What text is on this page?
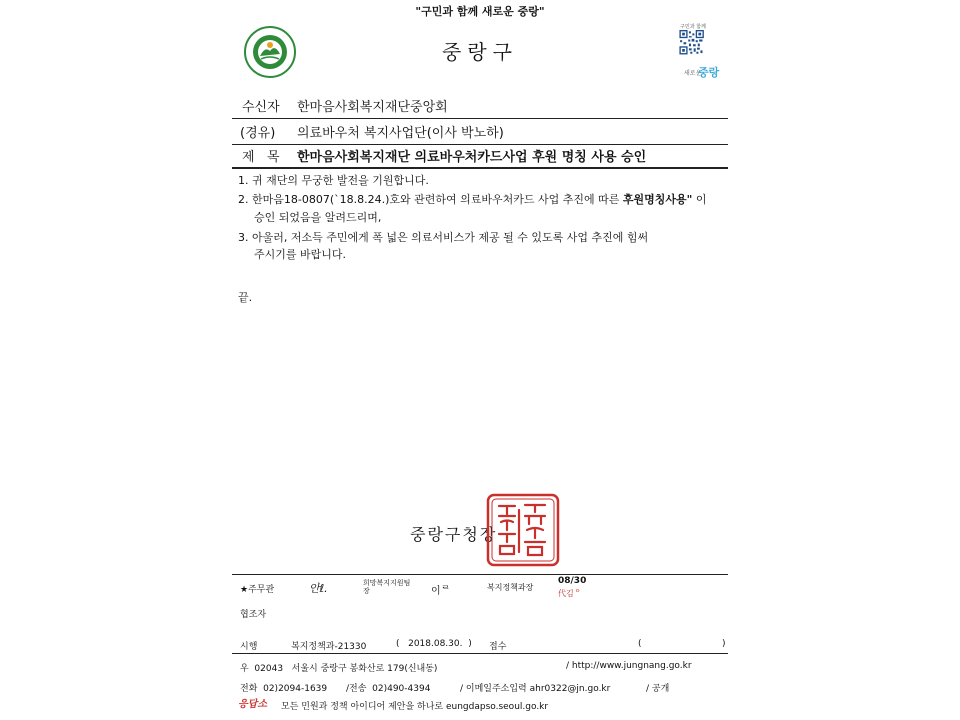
"구민과 함께 새로운 중랑"
중랑구
구민과 함께
새로운
중랑
수신자 한마음사회복지재단중앙회
(경유) 의료바우처 복지사업단(이사 박노하)
제   목 한마음사회복지재단 의료바우처카드사업 후원 명칭 사용 승인
1. 귀 재단의 무궁한 발전을 기원합니다.
2. 한마음18-0807(`18.8.24.)호와 관련하여 의료바우처카드 사업 추진에 따른 후원명칭사용" 이
승인 되었음을 알려드리며,
3. 아울러, 저소득 주민에게 폭 넓은 의료서비스가 제공 될 수 있도록 사업 추진에 힘써
주시기를 바랍니다.
끝.
중랑구청장
★주무관	안ℓ.	희망복지지원팀장	이ᄅ	복지정책과장
08/30
代김ᄋ
협조자
시행	복지정책과-21330	(   2018.08.30.  ) 접수	(	)
우  02043   서울시 중랑구 봉화산로 179(신내동)	/ http://www.jungnang.go.kr
전화  02)2094-1639 /전송  02)490-4394	/ 이메일주소입력 ahr0322@jn.go.kr	/ 공개
응답소 모든 민원과 정책 아이디어 제안을 하나로 eungdapso.seoul.go.kr
